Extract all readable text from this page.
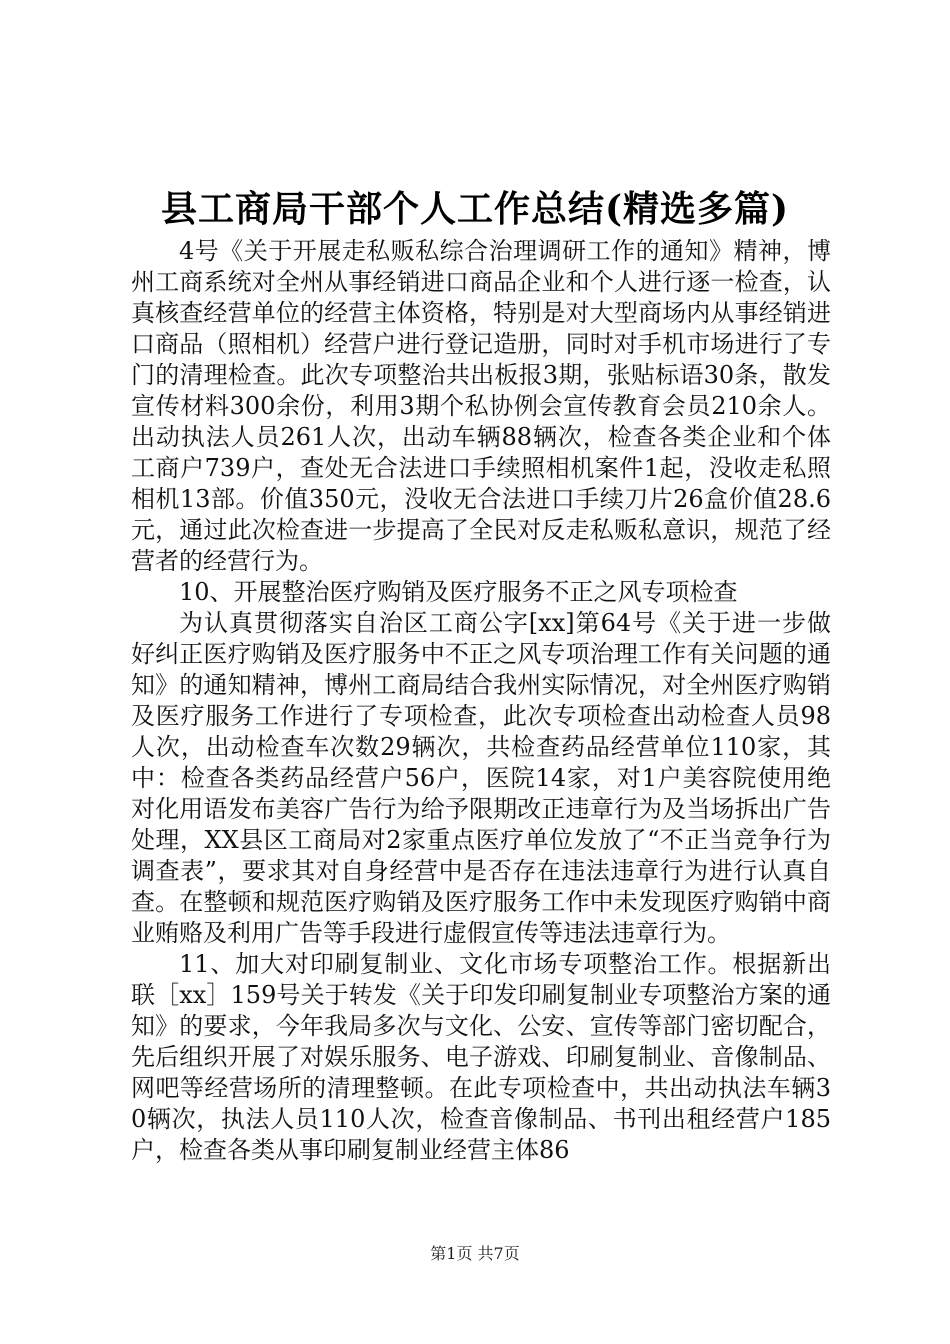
县工商局干部个人工作总结(精选多篇)

4号《关于开展走私贩私综合治理调研工作的通知》精神，博州工商系统对全州从事经销进口商品企业和个人进行逐一检查，认真核查经营单位的经营主体资格，特别是对大型商场内从事经销进口商品（照相机）经营户进行登记造册，同时对手机市场进行了专门的清理检查。此次专项整治共出板报3期，张贴标语30条，散发宣传材料300余份，利用3期个私协例会宣传教育会员210余人。出动执法人员261人次，出动车辆88辆次，检查各类企业和个体工商户739户，查处无合法进口手续照相机案件1起，没收走私照相机13部。价值350元，没收无合法进口手续刀片26盒价值28.6元，通过此次检查进一步提高了全民对反走私贩私意识，规范了经营者的经营行为。

10、开展整治医疗购销及医疗服务不正之风专项检查

为认真贯彻落实自治区工商公字[xx]第64号《关于进一步做好纠正医疗购销及医疗服务中不正之风专项治理工作有关问题的通知》的通知精神，博州工商局结合我州实际情况，对全州医疗购销及医疗服务工作进行了专项检查，此次专项检查出动检查人员98人次，出动检查车次数29辆次，共检查药品经营单位110家，其中：检查各类药品经营户56户，医院14家，对1户美容院使用绝对化用语发布美容广告行为给予限期改正违章行为及当场拆出广告处理，XX县区工商局对2家重点医疗单位发放了“不正当竞争行为调查表”，要求其对自身经营中是否存在违法违章行为进行认真自查。在整顿和规范医疗购销及医疗服务工作中未发现医疗购销中商业贿赂及利用广告等手段进行虚假宣传等违法违章行为。

11、加大对印刷复制业、文化市场专项整治工作。根据新出联［xx］159号关于转发《关于印发印刷复制业专项整治方案的通知》的要求，今年我局多次与文化、公安、宣传等部门密切配合，先后组织开展了对娱乐服务、电子游戏、印刷复制业、音像制品、网吧等经营场所的清理整顿。在此专项检查中，共出动执法车辆30辆次，执法人员110人次，检查音像制品、书刊出租经营户185户，检查各类从事印刷复制业经营主体86

第1页 共7页
